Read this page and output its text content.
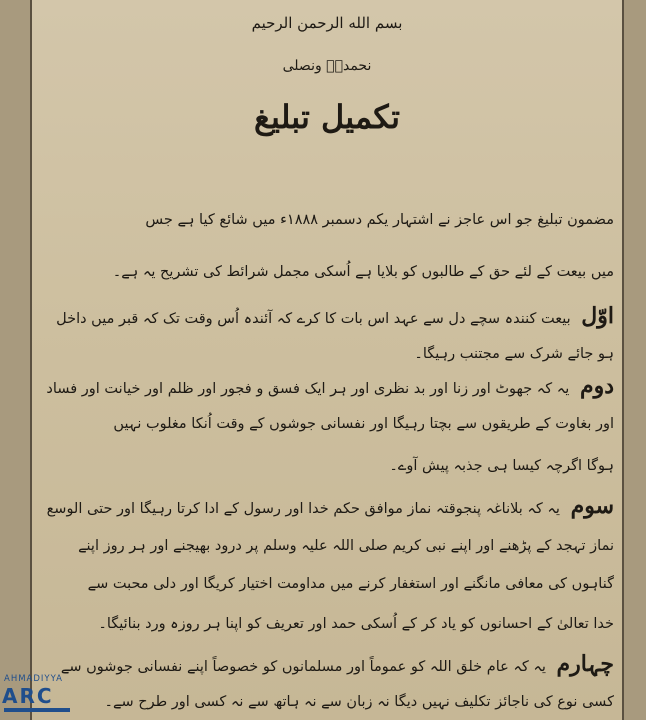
بسم الله الرحمن الرحیم
نحمدہٗ ونصلی
تکمیل تبلیغ
مضمون تبلیغ جو اس عاجز نے اشتہار یکم دسمبر ۱۸۸۸ء میں شائع کیا ہے جس
میں بیعت کے لئے حق کے طالبوں کو بلایا ہے اُسکی مجمل شرائط کی تشریح یہ ہے۔
اوّل بیعت کنندہ سچے دل سے عہد اس بات کا کرے کہ آئندہ اُس وقت تک کہ قبر میں داخل
ہو جائے شرک سے مجتنب رہیگا۔
دوم یہ کہ جھوٹ اور زنا اور بد نظری اور ہر ایک فسق و فجور اور ظلم اور خیانت اور فساد
اور بغاوت کے طریقوں سے بچتا رہیگا اور نفسانی جوشوں کے وقت اُنکا مغلوب نہیں
ہوگا اگرچہ کیسا ہی جذبہ پیش آوے۔
سوم یہ کہ بلاناغہ پنجوقتہ نماز موافق حکم خدا اور رسول کے ادا کرتا رہیگا اور حتی الوسع
نماز تہجد کے پڑھنے اور اپنے نبی کریم صلی اللہ علیہ وسلم پر درود بھیجنے اور ہر روز اپنے
گناہوں کی معافی مانگنے اور استغفار کرنے میں مداومت اختیار کریگا اور دلی محبت سے
خدا تعالیٰ کے احسانوں کو یاد کر کے اُسکی حمد اور تعریف کو اپنا ہر روزہ ورد بنائیگا۔
چہارم یہ کہ عام خلق اللہ کو عموماً اور مسلمانوں کو خصوصاً اپنے نفسانی جوشوں سے
کسی نوع کی ناجائز تکلیف نہیں دیگا نہ زبان سے نہ ہاتھ سے نہ کسی اور طرح سے۔
AHMADIYYA
ARC
